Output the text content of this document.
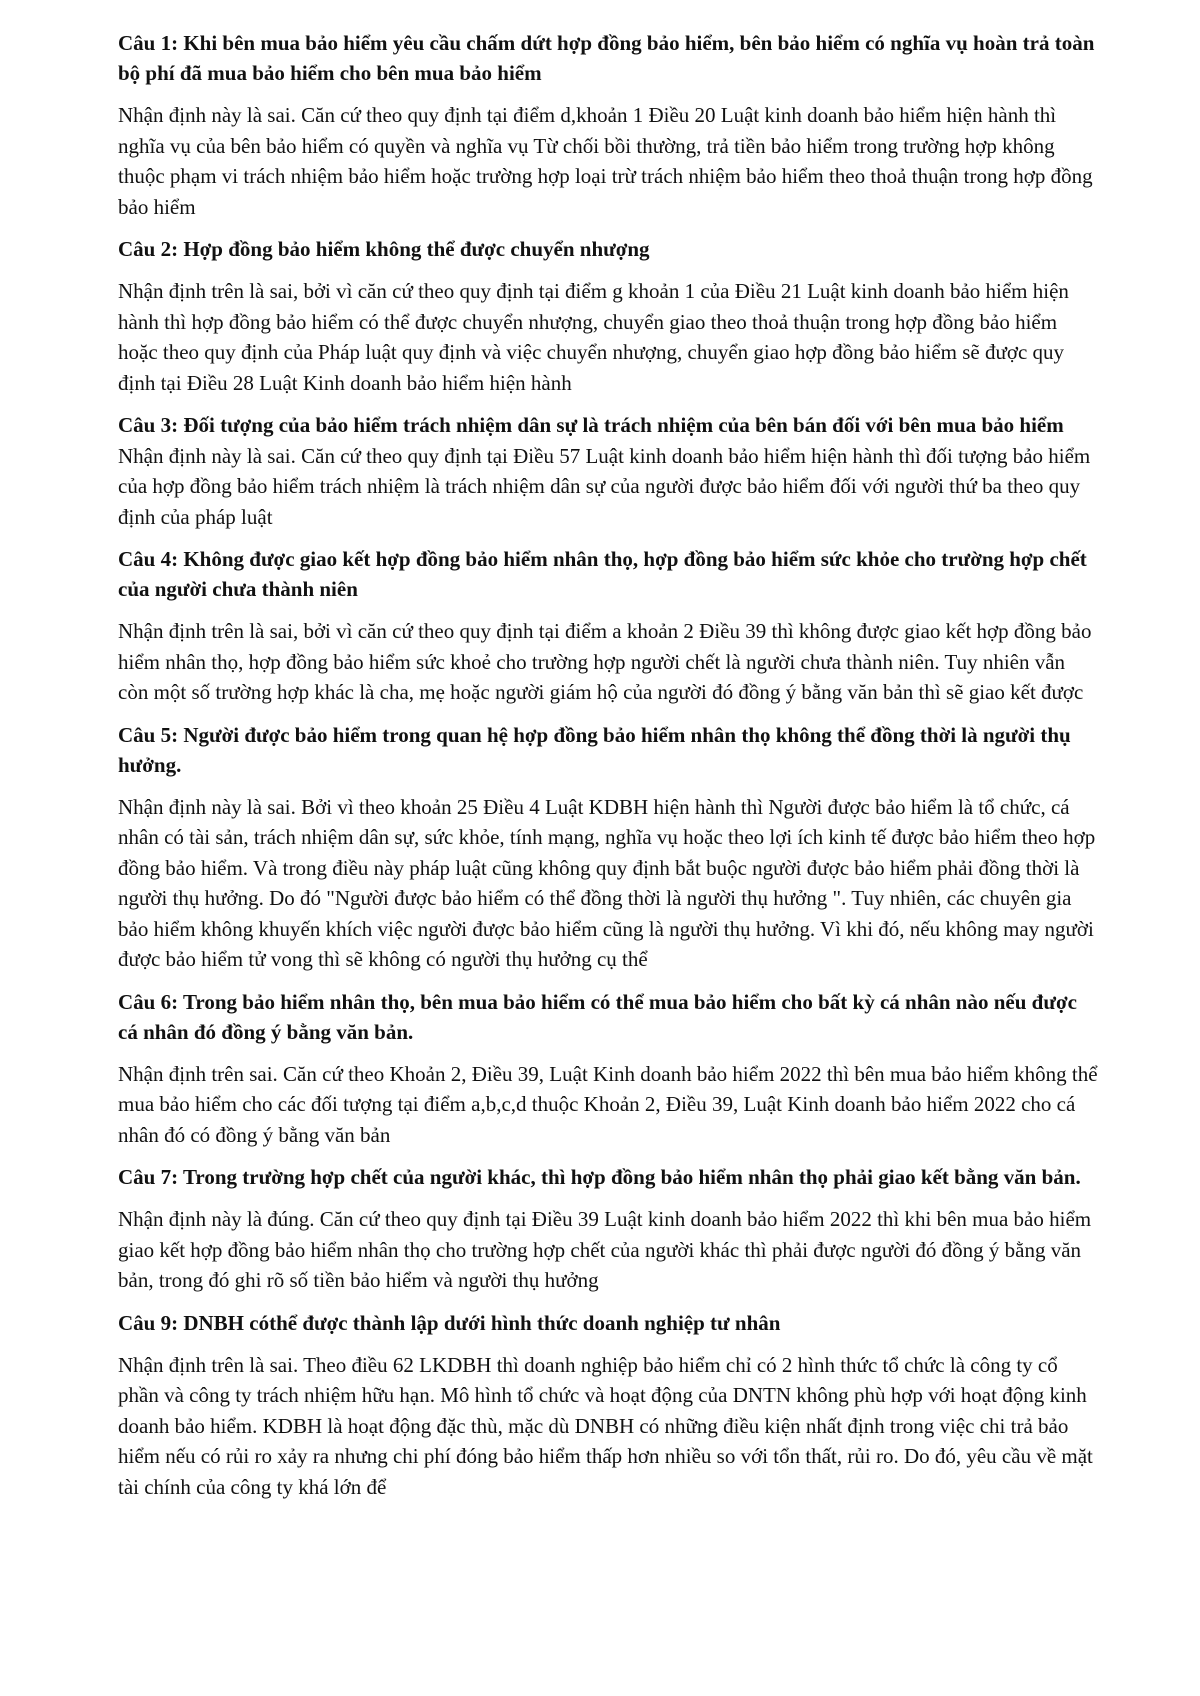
Câu 1: Khi bên mua bảo hiểm yêu cầu chấm dứt hợp đồng bảo hiểm, bên bảo hiểm có nghĩa vụ hoàn trả toàn bộ phí đã mua bảo hiểm cho bên mua bảo hiểm

Nhận định này là sai. Căn cứ theo quy định tại điểm d,khoản 1 Điều 20 Luật kinh doanh bảo hiểm hiện hành thì nghĩa vụ của bên bảo hiểm có quyền và nghĩa vụ Từ chối bồi thường, trả tiền bảo hiểm trong trường hợp không thuộc phạm vi trách nhiệm bảo hiểm hoặc trường hợp loại trừ trách nhiệm bảo hiểm theo thoả thuận trong hợp đồng bảo hiểm

Câu 2: Hợp đồng bảo hiểm không thể được chuyển nhượng

Nhận định trên là sai, bởi vì căn cứ theo quy định tại điểm g khoản 1 của Điều 21 Luật kinh doanh bảo hiểm hiện hành thì hợp đồng bảo hiểm có thể được chuyển nhượng, chuyển giao theo thoả thuận trong hợp đồng bảo hiểm hoặc theo quy định của Pháp luật quy định và việc chuyển nhượng, chuyển giao hợp đồng bảo hiểm sẽ được quy định tại Điều 28 Luật Kinh doanh bảo hiểm hiện hành

Câu 3: Đối tượng của bảo hiểm trách nhiệm dân sự là trách nhiệm của bên bán đối với bên mua bảo hiểm Nhận định này là sai. Căn cứ theo quy định tại Điều 57 Luật kinh doanh bảo hiểm hiện hành thì đối tượng bảo hiểm của hợp đồng bảo hiểm trách nhiệm là trách nhiệm dân sự của người được bảo hiểm đối với người thứ ba theo quy định của pháp luật

Câu 4: Không được giao kết hợp đồng bảo hiểm nhân thọ, hợp đồng bảo hiểm sức khỏe cho trường hợp chết của người chưa thành niên

Nhận định trên là sai, bởi vì căn cứ theo quy định tại điểm a khoản 2 Điều 39 thì không được giao kết hợp đồng bảo hiểm nhân thọ, hợp đồng bảo hiểm sức khoẻ cho trường hợp người chết là người chưa thành niên. Tuy nhiên vẫn còn một số trường hợp khác là cha, mẹ hoặc người giám hộ của người đó đồng ý bằng văn bản thì sẽ giao kết được

Câu 5: Người được bảo hiểm trong quan hệ hợp đồng bảo hiểm nhân thọ không thể đồng thời là người thụ hưởng.

Nhận định này là sai. Bởi vì theo khoản 25 Điều 4 Luật KDBH hiện hành thì Người được bảo hiểm là tổ chức, cá nhân có tài sản, trách nhiệm dân sự, sức khỏe, tính mạng, nghĩa vụ hoặc theo lợi ích kinh tế được bảo hiểm theo hợp đồng bảo hiểm. Và trong điều này pháp luật cũng không quy định bắt buộc người được bảo hiểm phải đồng thời là người thụ hưởng. Do đó "Người được bảo hiểm có thể đồng thời là người thụ hưởng ". Tuy nhiên, các chuyên gia bảo hiểm không khuyến khích việc người được bảo hiểm cũng là người thụ hưởng. Vì khi đó, nếu không may người được bảo hiểm tử vong thì sẽ không có người thụ hưởng cụ thể

Câu 6: Trong bảo hiểm nhân thọ, bên mua bảo hiểm có thể mua bảo hiểm cho bất kỳ cá nhân nào nếu được cá nhân đó đồng ý bằng văn bản.

Nhận định trên sai. Căn cứ theo Khoản 2, Điều 39, Luật Kinh doanh bảo hiểm 2022 thì bên mua bảo hiểm không thể mua bảo hiểm cho các đối tượng tại điểm a,b,c,d thuộc Khoản 2, Điều 39, Luật Kinh doanh bảo hiểm 2022 cho cá nhân đó có đồng ý bằng văn bản

Câu 7: Trong trường hợp chết của người khác, thì hợp đồng bảo hiểm nhân thọ phải giao kết bằng văn bản.

Nhận định này là đúng. Căn cứ theo quy định tại Điều 39 Luật kinh doanh bảo hiểm 2022 thì khi bên mua bảo hiểm giao kết hợp đồng bảo hiểm nhân thọ cho trường hợp chết của người khác thì phải được người đó đồng ý bằng văn bản, trong đó ghi rõ số tiền bảo hiểm và người thụ hưởng

Câu 9: DNBH cóthể được thành lập dưới hình thức doanh nghiệp tư nhân

Nhận định trên là sai. Theo điều 62 LKDBH thì doanh nghiệp bảo hiểm chỉ có 2 hình thức tổ chức là công ty cổ phần và công ty trách nhiệm hữu hạn. Mô hình tổ chức và hoạt động của DNTN không phù hợp với hoạt động kinh doanh bảo hiểm. KDBH là hoạt động đặc thù, mặc dù DNBH có những điều kiện nhất định trong việc chi trả bảo hiểm nếu có rủi ro xảy ra nhưng chi phí đóng bảo hiểm thấp hơn nhiều so với tổn thất, rủi ro. Do đó, yêu cầu về mặt tài chính của công ty khá lớn để
